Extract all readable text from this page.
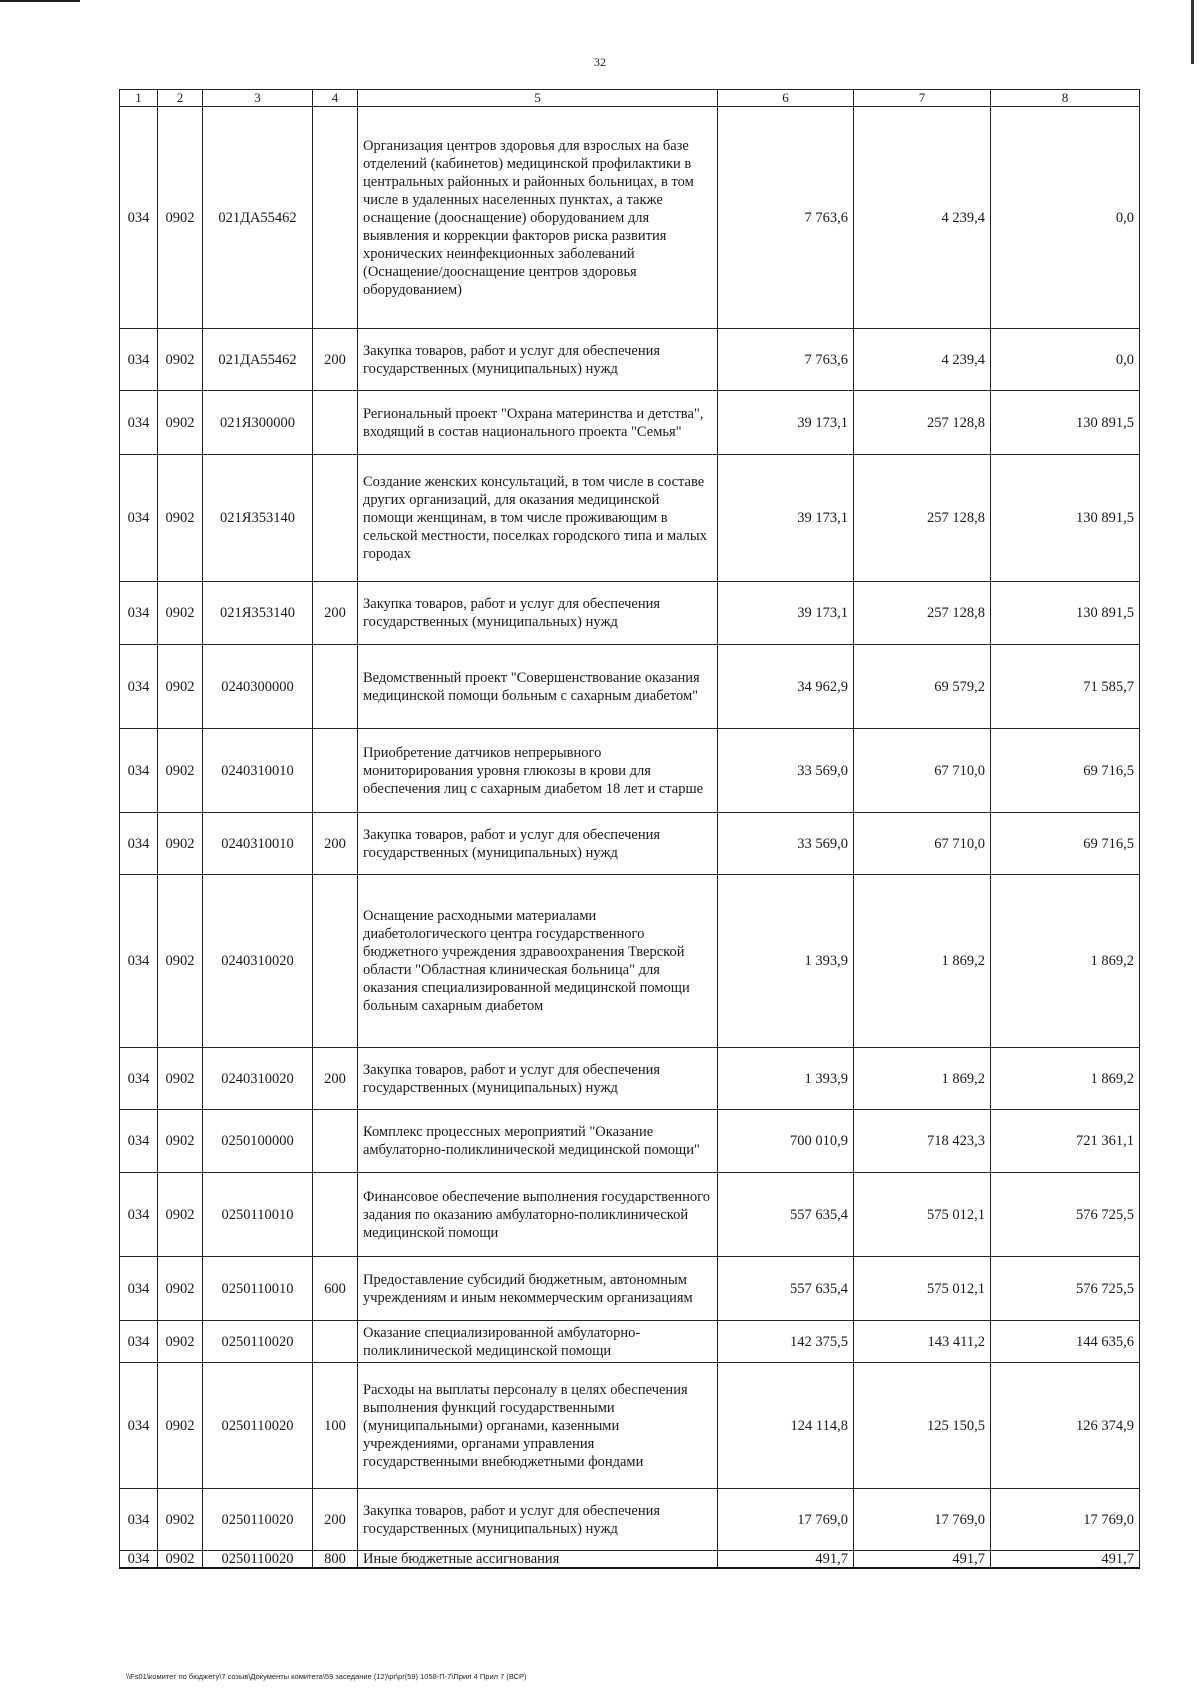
32
1	2	3	4	5	6	7	8
034	0902	021ДА55462		Организация центров здоровья для взрослых на базе отделений (кабинетов) медицинской профилактики в центральных районных и районных больницах, в том числе в удаленных населенных пунктах, а также оснащение (дооснащение) оборудованием для выявления и коррекции факторов риска развития хронических неинфекционных заболеваний (Оснащение/дооснащение центров здоровья оборудованием)	7 763,6	4 239,4	0,0
034	0902	021ДА55462	200	Закупка товаров, работ и услуг для обеспечения государственных (муниципальных) нужд	7 763,6	4 239,4	0,0
034	0902	021Я300000		Региональный проект "Охрана материнства и детства", входящий в состав национального проекта "Семья"	39 173,1	257 128,8	130 891,5
034	0902	021Я353140		Создание женских консультаций, в том числе в составе других организаций, для оказания медицинской помощи женщинам, в том числе проживающим в сельской местности, поселках городского типа и малых городах	39 173,1	257 128,8	130 891,5
034	0902	021Я353140	200	Закупка товаров, работ и услуг для обеспечения государственных (муниципальных) нужд	39 173,1	257 128,8	130 891,5
034	0902	0240300000		Ведомственный проект "Совершенствование оказания медицинской помощи больным с сахарным диабетом"	34 962,9	69 579,2	71 585,7
034	0902	0240310010		Приобретение датчиков непрерывного мониторирования уровня глюкозы в крови для обеспечения лиц с сахарным диабетом 18 лет и старше	33 569,0	67 710,0	69 716,5
034	0902	0240310010	200	Закупка товаров, работ и услуг для обеспечения государственных (муниципальных) нужд	33 569,0	67 710,0	69 716,5
034	0902	0240310020		Оснащение расходными материалами диабетологического центра государственного бюджетного учреждения здравоохранения Тверской области "Областная клиническая больница" для оказания специализированной медицинской помощи больным сахарным диабетом	1 393,9	1 869,2	1 869,2
034	0902	0240310020	200	Закупка товаров, работ и услуг для обеспечения государственных (муниципальных) нужд	1 393,9	1 869,2	1 869,2
034	0902	0250100000		Комплекс процессных мероприятий "Оказание амбулаторно-поликлинической медицинской помощи"	700 010,9	718 423,3	721 361,1
034	0902	0250110010		Финансовое обеспечение выполнения государственного задания по оказанию амбулаторно-поликлинической медицинской помощи	557 635,4	575 012,1	576 725,5
034	0902	0250110010	600	Предоставление субсидий бюджетным, автономным учреждениям и иным некоммерческим организациям	557 635,4	575 012,1	576 725,5
034	0902	0250110020		Оказание специализированной амбулаторно-поликлинической медицинской помощи	142 375,5	143 411,2	144 635,6
034	0902	0250110020	100	Расходы на выплаты персоналу в целях обеспечения выполнения функций государственными (муниципальными) органами, казенными учреждениями, органами управления государственными внебюджетными фондами	124 114,8	125 150,5	126 374,9
034	0902	0250110020	200	Закупка товаров, работ и услуг для обеспечения государственных (муниципальных) нужд	17 769,0	17 769,0	17 769,0
034	0902	0250110020	800	Иные бюджетные ассигнования	491,7	491,7	491,7
\\Fs01\комитет по бюджету\7 созыв\Документы комитета\59 заседание (12)\pr\pr(59) 1058-П-7\Прил 4 Прил 7 (ВСР)
